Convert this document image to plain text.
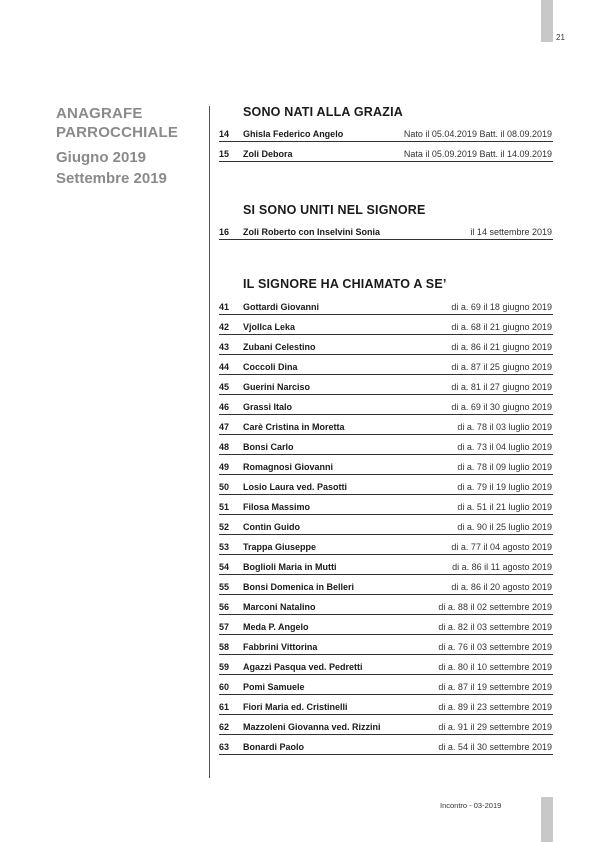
21
ANAGRAFE
PARROCCHIALE
Giugno 2019
Settembre 2019
SONO NATI ALLA GRAZIA
14 Ghisla Federico Angelo	Nato il 05.04.2019 Batt. il 08.09.2019
15 Zoli Debora	Nata il 05.09.2019 Batt. il 14.09.2019
SI SONO UNITI NEL SIGNORE
16 Zoli Roberto con Inselvini Sonia	il 14 settembre 2019
IL SIGNORE HA CHIAMATO A SE’
41 Gottardi Giovanni	di a. 69 il 18 giugno 2019
42 Vjollca Leka	di a. 68 il 21 giugno 2019
43 Zubani Celestino	di a. 86 il 21 giugno 2019
44 Coccoli Dina	di a. 87 il 25 giugno 2019
45 Guerini Narciso	di a. 81 il 27 giugno 2019
46 Grassi Italo	di a. 69 il 30 giugno 2019
47 Carè Cristina in Moretta	di a. 78 il 03 luglio 2019
48 Bonsi Carlo	di a. 73 il 04 luglio 2019
49 Romagnosi Giovanni	di a. 78 il 09 luglio 2019
50 Losio Laura ved. Pasotti	di a. 79 il 19 luglio 2019
51 Filosa Massimo	di a. 51 il 21 luglio 2019
52 Contin Guido	di a. 90 il 25 luglio 2019
53 Trappa Giuseppe	di a. 77 il 04 agosto 2019
54 Boglioli Maria in Mutti	di a. 86 il 11 agosto 2019
55 Bonsi Domenica in Belleri	di a. 86 il 20 agosto 2019
56 Marconi Natalino	di a. 88 il 02 settembre 2019
57 Meda P. Angelo	di a. 82 il 03 settembre 2019
58 Fabbrini Vittorina	di a. 76 il 03 settembre 2019
59 Agazzi Pasqua ved. Pedretti	di a. 80 il 10 settembre 2019
60 Pomi Samuele	di a. 87 il 19 settembre 2019
61 Fiori Maria ed. Cristinelli	di a. 89 il 23 settembre 2019
62 Mazzoleni Giovanna ved. Rizzini	di a. 91 il 29 settembre 2019
63 Bonardi Paolo	di a. 54 il 30 settembre 2019
Incontro - 03-2019
